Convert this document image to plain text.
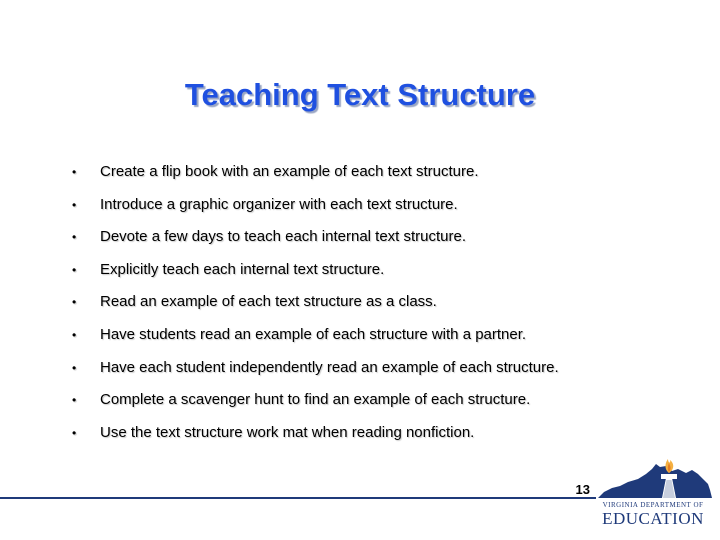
Teaching Text Structure
• Create a flip book with an example of each text structure.
• Introduce a graphic organizer with each text structure.
• Devote a few days to teach each internal text structure.
• Explicitly teach each internal text structure.
• Read an example of each text structure as a class.
• Have students read an example of each structure with a partner.
• Have each student independently read an example of each structure.
• Complete a scavenger hunt to find an example of each structure.
• Use the text structure work mat when reading nonfiction.
13
VIRGINIA DEPARTMENT OF
EDUCATION
